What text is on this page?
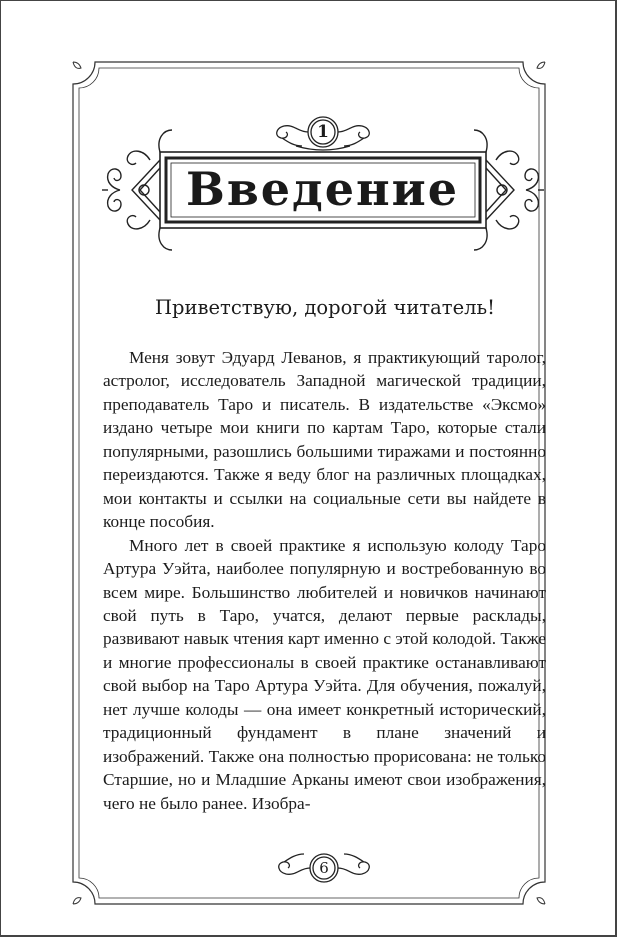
1
Введение
Приветствую, дорогой читатель!

Меня зовут Эдуард Леванов, я практикующий таролог, астролог, исследователь Западной магической традиции, преподаватель Таро и писатель. В издательстве «Эксмо» издано четыре мои книги по картам Таро, которые стали популярными, разошлись большими тиражами и постоянно переиздаются. Также я веду блог на различных площадках, мои контакты и ссылки на социальные сети вы найдете в конце пособия.

Много лет в своей практике я использую колоду Таро Артура Уэйта, наиболее популярную и востребованную во всем мире. Большинство любителей и новичков начинают свой путь в Таро, учатся, делают первые расклады, развивают навык чтения карт именно с этой колодой. Также и многие профессионалы в своей практике останавливают свой выбор на Таро Артура Уэйта. Для обучения, пожалуй, нет лучше колоды — она имеет конкретный исторический, традиционный фундамент в плане значений и изображений. Также она полностью прорисована: не только Старшие, но и Младшие Арканы имеют свои изображения, чего не было ранее. Изобра-

6
